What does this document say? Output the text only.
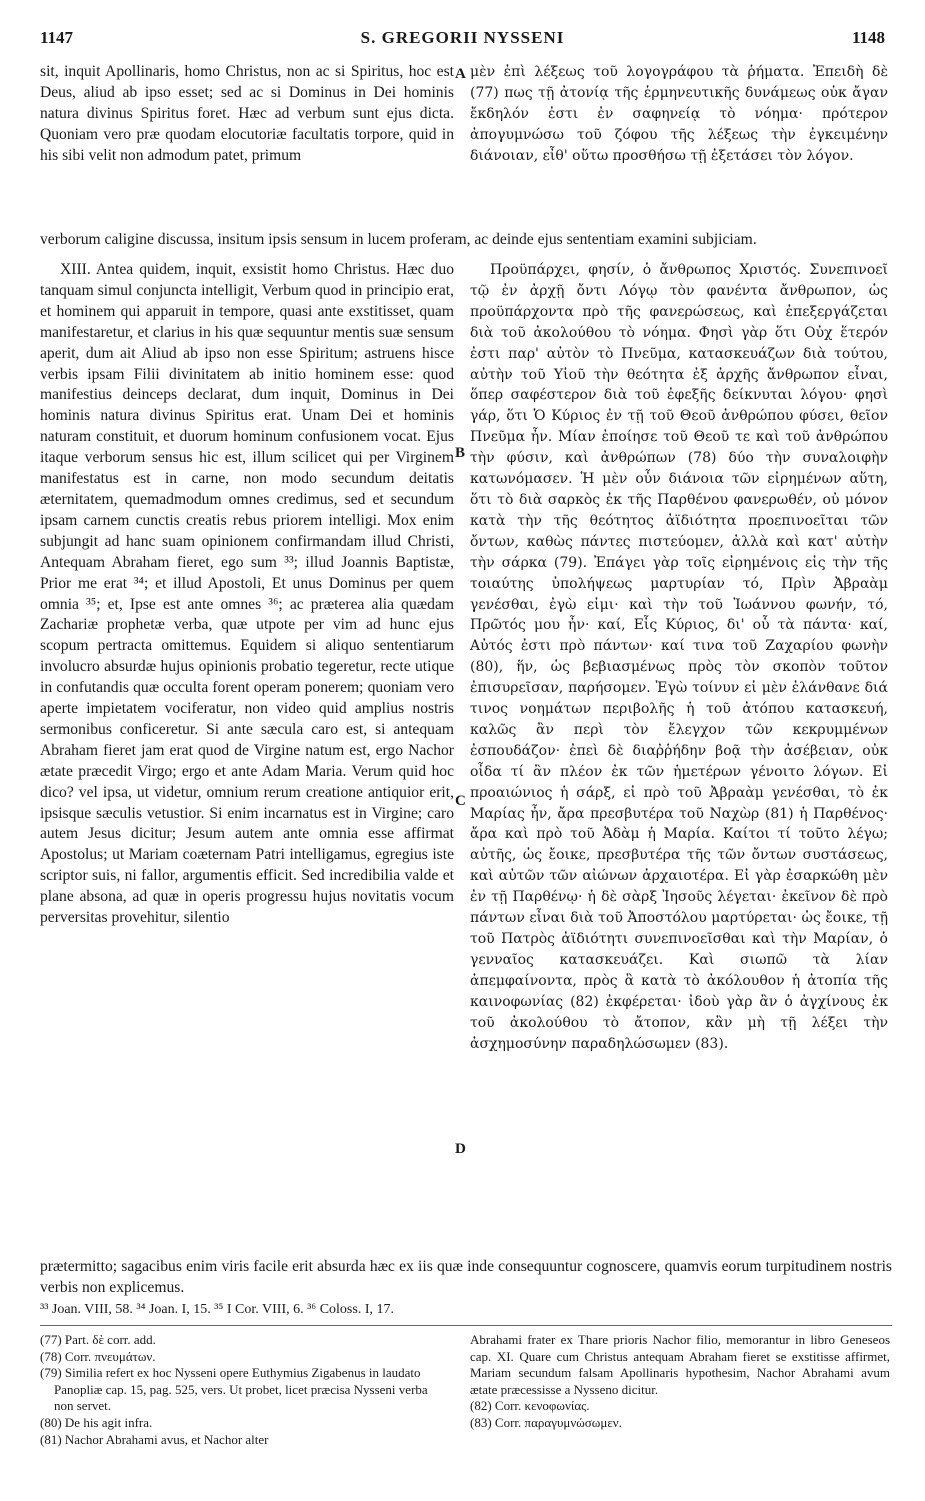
1147	S. GREGORII NYSSENI	1148

sit, inquit Apollinaris, homo Christus, non ac si Spiritus, hoc est Deus, aliud ab ipso esset; sed ac si Dominus in Dei hominis natura divinus Spiritus foret. Hæc ad verbum sunt ejus dicta. Quoniam vero præ quodam elocutoriæ facultatis torpore, quid in his sibi velit non admodum patet, primum

μὲν ἐπὶ λέξεως τοῦ λογογράφου τὰ ῥήματα. Ἐπειδὴ δὲ (77) πως τῇ ἀτονίᾳ τῆς ἑρμηνευτικῆς δυνάμεως οὐκ ἄγαν ἔκδηλόν ἐστι ἐν σαφηνείᾳ τὸ νόημα· πρότερον ἀπογυμνώσω τοῦ ζόφου τῆς λέξεως τὴν ἐγκειμένην διάνοιαν, εἶθ' οὕτω προσθήσω τῇ ἐξετάσει τὸν λόγον.

verborum caligine discussa, insitum ipsis sensum in lucem proferam, ac deinde ejus sententiam examini subjiciam.

A
B
C
D

XIII. Antea quidem, inquit, exsistit homo Christus. Hæc duo tanquam simul conjuncta intelligit, Verbum quod in principio erat, et hominem qui apparuit in tempore, quasi ante exstitisset, quam manifestaretur, et clarius in his quæ sequuntur mentis suæ sensum aperit, dum ait Aliud ab ipso non esse Spiritum; astruens hisce verbis ipsam Filii divinitatem ab initio hominem esse: quod manifestius deinceps declarat, dum inquit, Dominus in Dei hominis natura divinus Spiritus erat. Unam Dei et hominis naturam constituit, et duorum hominum confusionem vocat. Ejus itaque verborum sensus hic est, illum scilicet qui per Virginem manifestatus est in carne, non modo secundum deitatis æternitatem, quemadmodum omnes credimus, sed et secundum ipsam carnem cunctis creatis rebus priorem intelligi. Mox enim subjungit ad hanc suam opinionem confirmandam illud Christi, Antequam Abraham fieret, ego sum ³³; illud Joannis Baptistæ, Prior me erat ³⁴; et illud Apostoli, Et unus Dominus per quem omnia ³⁵; et, Ipse est ante omnes ³⁶; ac præterea alia quædam Zachariæ prophetæ verba, quæ utpote per vim ad hunc ejus scopum pertracta omittemus. Equidem si aliquo sententiarum involucro absurdæ hujus opinionis probatio tegeretur, recte utique in confutandis quæ occulta forent operam ponerem; quoniam vero aperte impietatem vociferatur, non video quid amplius nostris sermonibus conficeretur. Si ante sæcula caro est, si antequam Abraham fieret jam erat quod de Virgine natum est, ergo Nachor ætate præcedit Virgo; ergo et ante Adam Maria. Verum quid hoc dico? vel ipsa, ut videtur, omnium rerum creatione antiquior erit, ipsisque sæculis vetustior. Si enim incarnatus est in Virgine; caro autem Jesus dicitur; Jesum autem ante omnia esse affirmat Apostolus; ut Mariam coæternam Patri intelligamus, egregius iste scriptor suis, ni fallor, argumentis efficit. Sed incredibilia valde et plane absona, ad quæ in operis progressu hujus novitatis vocum perversitas provehitur, silentio

Προϋπάρχει, φησίν, ὁ ἄνθρωπος Χριστός. Συνεπινοεῖ τῷ ἐν ἀρχῇ ὄντι Λόγῳ τὸν φανέντα ἄνθρωπον, ὡς προϋπάρχοντα πρὸ τῆς φανερώσεως, καὶ ἐπεξεργάζεται διὰ τοῦ ἀκολούθου τὸ νόημα. Φησὶ γὰρ ὅτι Οὐχ ἕτερόν ἐστι παρ' αὐτὸν τὸ Πνεῦμα, κατασκευάζων διὰ τούτου, αὐτὴν τοῦ Υἱοῦ τὴν θεότητα ἐξ ἀρχῆς ἄνθρωπον εἶναι, ὅπερ σαφέστερον διὰ τοῦ ἐφεξῆς δείκνυται λόγου· φησὶ γάρ, ὅτι Ὁ Κύριος ἐν τῇ τοῦ Θεοῦ ἀνθρώπου φύσει, θεῖον Πνεῦμα ἦν. Μίαν ἐποίησε τοῦ Θεοῦ τε καὶ τοῦ ἀνθρώπου τὴν φύσιν, καὶ ἀνθρώπων (78) δύο τὴν συναλοιφὴν κατωνόμασεν. Ἡ μὲν οὖν διάνοια τῶν εἰρημένων αὕτη, ὅτι τὸ διὰ σαρκὸς ἐκ τῆς Παρθένου φανερωθέν, οὐ μόνον κατὰ τὴν τῆς θεότητος ἀϊδιότητα προεπινοεῖται τῶν ὄντων, καθὼς πάντες πιστεύομεν, ἀλλὰ καὶ κατ' αὐτὴν τὴν σάρκα (79). Ἐπάγει γὰρ τοῖς εἰρημένοις εἰς τὴν τῆς τοιαύτης ὑπολήψεως μαρτυρίαν τό, Πρὶν Ἀβραὰμ γενέσθαι, ἐγὼ εἰμι· καὶ τὴν τοῦ Ἰωάννου φωνήν, τό, Πρῶτός μου ἦν· καί, Εἷς Κύριος, δι' οὗ τὰ πάντα· καί, Αὐτός ἐστι πρὸ πάντων· καί τινα τοῦ Ζαχαρίου φωνὴν (80), ἥν, ὡς βεβιασμένως πρὸς τὸν σκοπὸν τοῦτον ἐπισυρεῖσαν, παρήσομεν. Ἐγὼ τοίνυν εἰ μὲν ἐλάνθανε διά τινος νοημάτων περιβολῆς ἡ τοῦ ἀτόπου κατασκευή, καλῶς ἂν περὶ τὸν ἔλεγχον τῶν κεκρυμμένων ἐσπουδάζον· ἐπεὶ δὲ διαῤῥήδην βοᾷ τὴν ἀσέβειαν, οὐκ οἶδα τί ἂν πλέον ἐκ τῶν ἡμετέρων γένοιτο λόγων. Εἰ προαιώνιος ἡ σάρξ, εἰ πρὸ τοῦ Ἀβραὰμ γενέσθαι, τὸ ἐκ Μαρίας ἦν, ἄρα πρεσβυτέρα τοῦ Ναχὼρ (81) ἡ Παρθένος· ἄρα καὶ πρὸ τοῦ Ἀδὰμ ἡ Μαρία. Καίτοι τί τοῦτο λέγω; αὐτῆς, ὡς ἔοικε, πρεσβυτέρα τῆς τῶν ὄντων συστάσεως, καὶ αὐτῶν τῶν αἰώνων ἀρχαιοτέρα. Εἰ γὰρ ἐσαρκώθη μὲν ἐν τῇ Παρθένῳ· ἡ δὲ σὰρξ Ἰησοῦς λέγεται· ἐκεῖνον δὲ πρὸ πάντων εἶναι διὰ τοῦ Ἀποστόλου μαρτύρεται· ὡς ἔοικε, τῇ τοῦ Πατρὸς ἀϊδιότητι συνεπινοεῖσθαι καὶ τὴν Μαρίαν, ὁ γενναῖος κατασκευάζει. Καὶ σιωπῶ τὰ λίαν ἀπεμφαίνοντα, πρὸς ἃ κατὰ τὸ ἀκόλουθον ἡ ἀτοπία τῆς καινοφωνίας (82) ἐκφέρεται· ἰδοὺ γὰρ ἂν ὁ ἀγχίνους ἐκ τοῦ ἀκολούθου τὸ ἄτοπον, κἂν μὴ τῇ λέξει τὴν ἀσχημοσύνην παραδηλώσωμεν (83).

prætermitto; sagacibus enim viris facile erit absurda hæc ex iis quæ inde consequuntur cognoscere, quamvis eorum turpitudinem nostris verbis non explicemus.

³³ Joan. VIII, 58. ³⁴ Joan. I, 15. ³⁵ I Cor. VIII, 6. ³⁶ Coloss. I, 17.

(77) Part. δὲ corr. add.

(78) Corr. πνευμάτων.

(79) Similia refert ex hoc Nysseni opere Euthymius Zigabenus in laudato Panopliæ cap. 15, pag. 525, vers. Ut probet, licet præcisa Nysseni verba non servet.

(80) De his agit infra.

(81) Nachor Abrahami avus, et Nachor alter

Abrahami frater ex Thare prioris Nachor filio, memorantur in libro Geneseos cap. XI. Quare cum Christus antequam Abraham fieret se exstitisse affirmet, Mariam secundum falsam Apollinaris hypothesim, Nachor Abrahami avum ætate præcessisse a Nysseno dicitur.

(82) Corr. κενοφωνίας.

(83) Corr. παραγυμνώσωμεν.
